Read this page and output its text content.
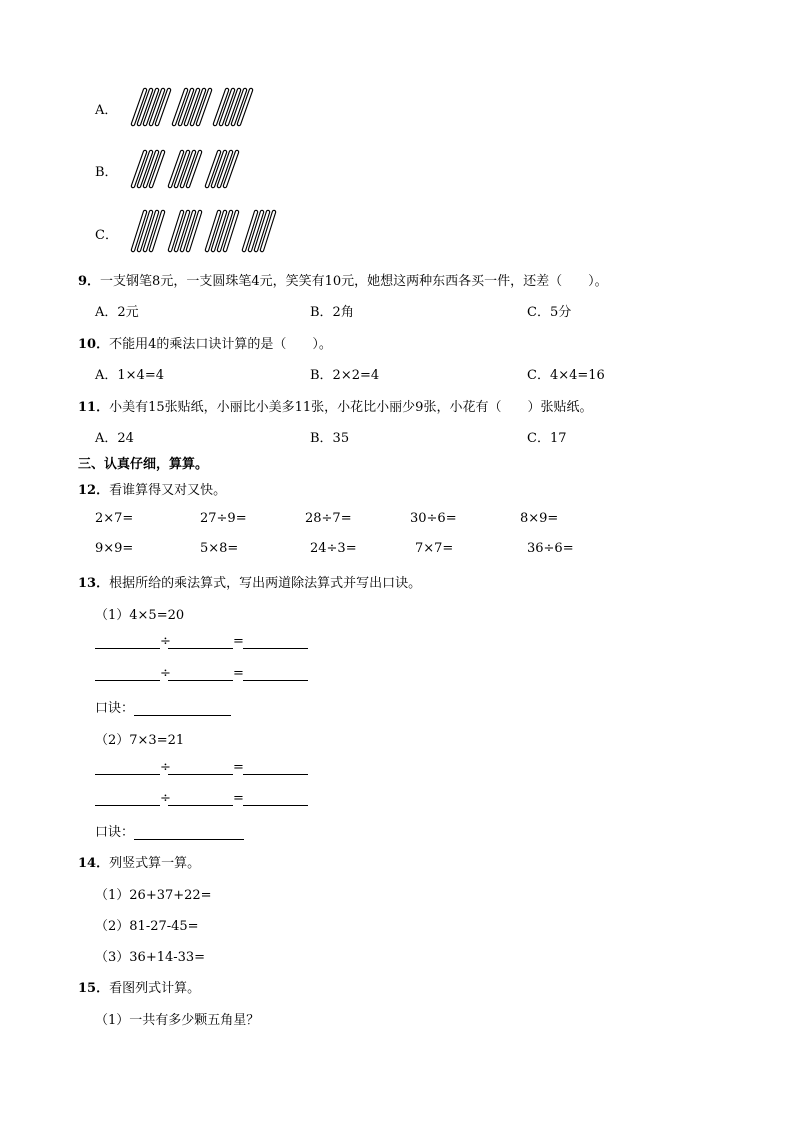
A．
B．
C．
9．一支钢笔8元，一支圆珠笔4元，笑笑有10元，她想这两种东西各买一件，还差（　　）。
A．2元	B．2角	C．5分
10．不能用4的乘法口诀计算的是（　　）。
A．1×4=4	B．2×2=4	C．4×4=16
11．小美有15张贴纸，小丽比小美多11张，小花比小丽少9张，小花有（　　）张贴纸。
A．24	B．35	C．17
三、认真仔细，算算。
12．看谁算得又对又快。
2×7=	27÷9=	28÷7=	30÷6=	8×9=
9×9=	5×8=	24÷3=	7×7=	36÷6=
13．根据所给的乘法算式，写出两道除法算式并写出口诀。
（1）4×5=20
÷	=
÷	=
口诀：
（2）7×3=21
÷	=
÷	=
口诀：
14．列竖式算一算。
（1）26+37+22=
（2）81-27-45=
（3）36+14-33=
15．看图列式计算。
（1）一共有多少颗五角星？
